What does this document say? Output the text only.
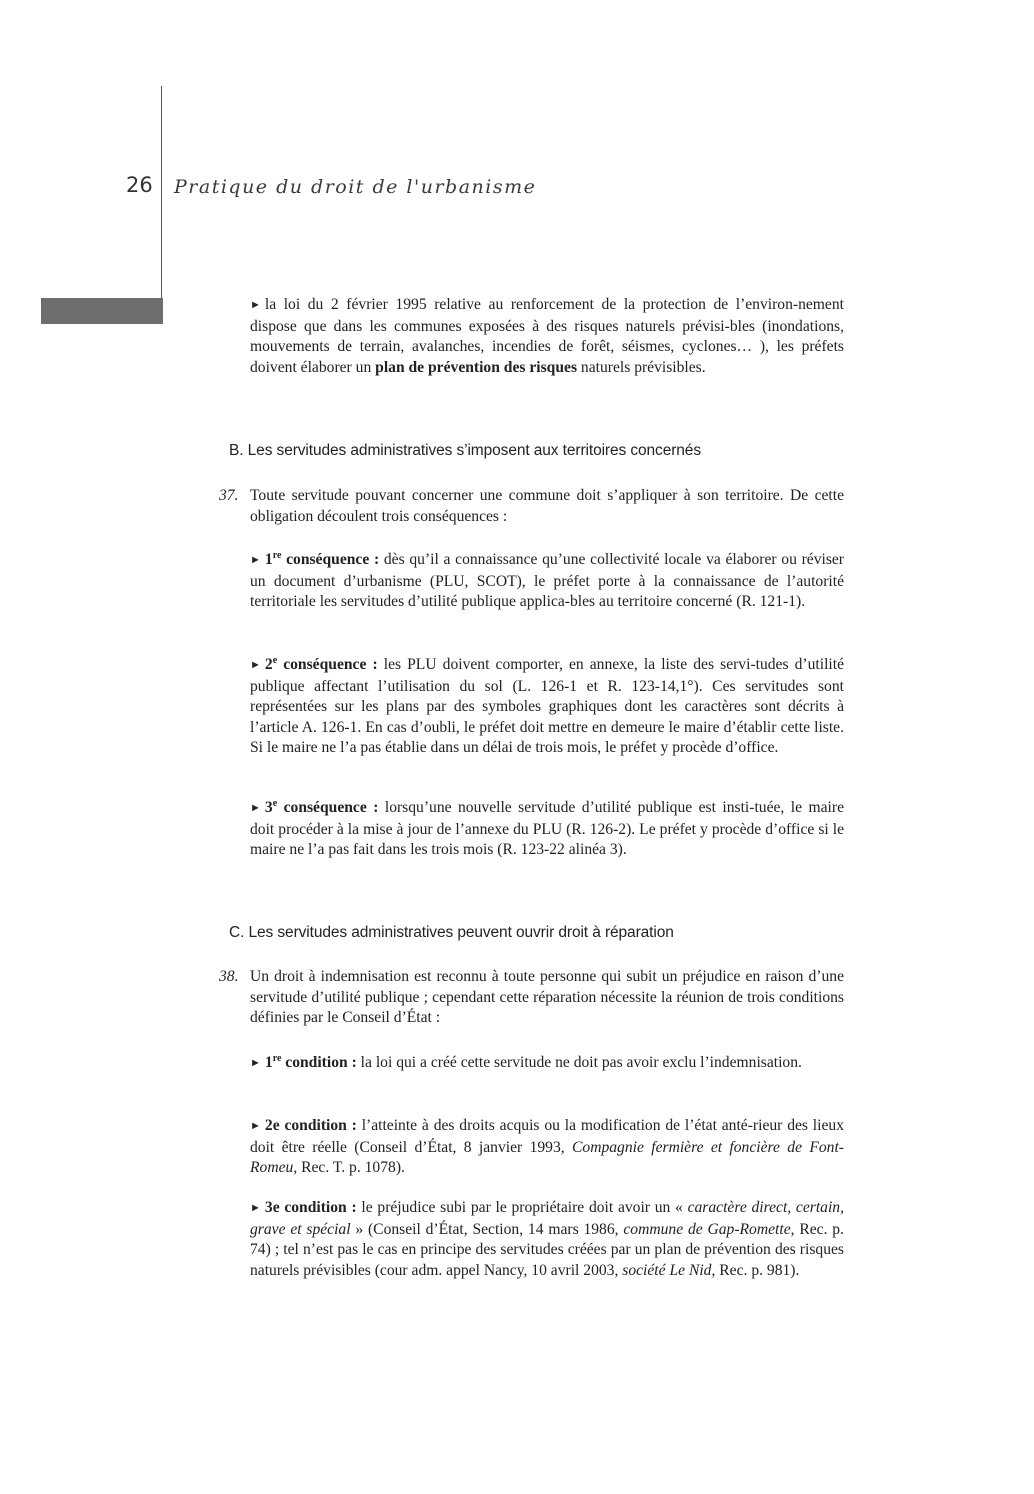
26 Pratique du droit de l'urbanisme
► la loi du 2 février 1995 relative au renforcement de la protection de l’environ-nement dispose que dans les communes exposées à des risques naturels prévisi-bles (inondations, mouvements de terrain, avalanches, incendies de forêt, séismes, cyclones… ), les préfets doivent élaborer un plan de prévention des risques naturels prévisibles.
B. Les servitudes administratives s’imposent aux territoires concernés
37. Toute servitude pouvant concerner une commune doit s’appliquer à son territoire. De cette obligation découlent trois conséquences :
► 1re conséquence : dès qu’il a connaissance qu’une collectivité locale va élaborer ou réviser un document d’urbanisme (PLU, SCOT), le préfet porte à la connaissance de l’autorité territoriale les servitudes d’utilité publique applica-bles au territoire concerné (R. 121-1).
► 2e conséquence : les PLU doivent comporter, en annexe, la liste des servi-tudes d’utilité publique affectant l’utilisation du sol (L. 126-1 et R. 123-14,1°). Ces servitudes sont représentées sur les plans par des symboles graphiques dont les caractères sont décrits à l’article A. 126-1. En cas d’oubli, le préfet doit mettre en demeure le maire d’établir cette liste. Si le maire ne l’a pas établie dans un délai de trois mois, le préfet y procède d’office.
► 3e conséquence : lorsqu’une nouvelle servitude d’utilité publique est insti-tuée, le maire doit procéder à la mise à jour de l’annexe du PLU (R. 126-2). Le préfet y procède d’office si le maire ne l’a pas fait dans les trois mois (R. 123-22 alinéa 3).
C. Les servitudes administratives peuvent ouvrir droit à réparation
38. Un droit à indemnisation est reconnu à toute personne qui subit un préjudice en raison d’une servitude d’utilité publique ; cependant cette réparation nécessite la réunion de trois conditions définies par le Conseil d’État :
► 1re condition : la loi qui a créé cette servitude ne doit pas avoir exclu l’indemnisation.
► 2e condition : l’atteinte à des droits acquis ou la modification de l’état anté-rieur des lieux doit être réelle (Conseil d’État, 8 janvier 1993, Compagnie fermière et foncière de Font-Romeu, Rec. T. p. 1078).
► 3e condition : le préjudice subi par le propriétaire doit avoir un « caractère direct, certain, grave et spécial » (Conseil d’État, Section, 14 mars 1986, commune de Gap-Romette, Rec. p. 74) ; tel n’est pas le cas en principe des servitudes créées par un plan de prévention des risques naturels prévisibles (cour adm. appel Nancy, 10 avril 2003, société Le Nid, Rec. p. 981).
